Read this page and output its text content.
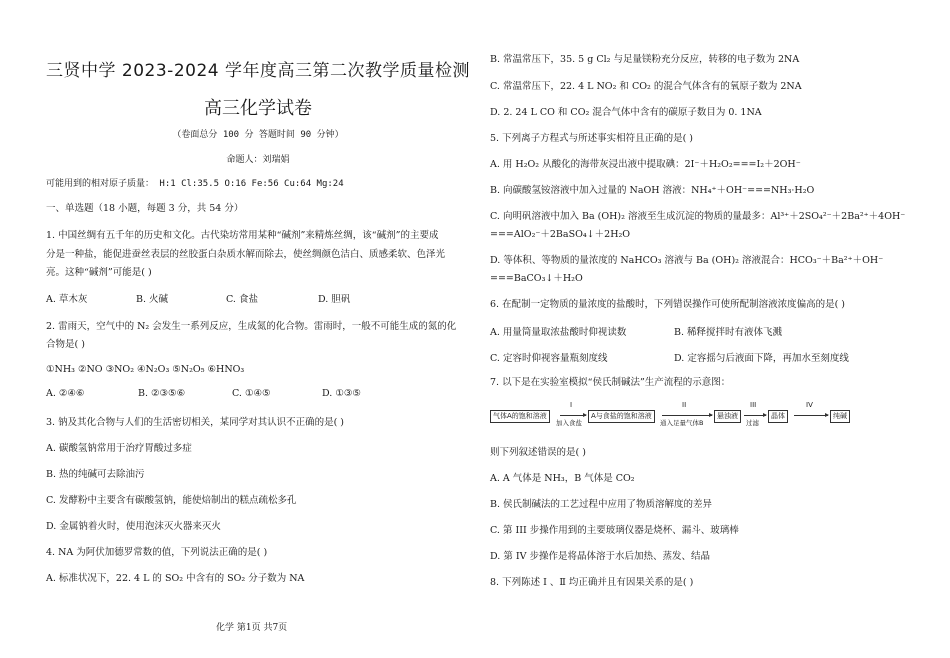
三贤中学 2023-2024 学年度高三第二次教学质量检测
高三化学试卷
（卷面总分 100 分 答题时间 90 分钟）
命题人：刘瑞娟
可能用到的相对原子质量： H:1 Cl:35.5 O:16 Fe:56 Cu:64 Mg:24
一、单选题（18 小题，每题 3 分，共 54 分）
1. 中国丝绸有五千年的历史和文化。古代染坊常用某种“碱剂”来精炼丝绸，该“碱剂”的主要成
分是一种盐，能促进蚕丝表层的丝胶蛋白杂质水解而除去，使丝绸颜色洁白、质感柔软、色泽光
亮。这种“碱剂”可能是( )
A. 草木灰	B. 火碱	C. 食盐	D. 胆矾
2. 雷雨天，空气中的 N₂ 会发生一系列反应，生成氮的化合物。雷雨时，一般不可能生成的氮的化
合物是( )
①NH₃ ②NO ③NO₂ ④N₂O₃ ⑤N₂O₅ ⑥HNO₃
A. ②④⑥	B. ②③⑤⑥	C. ①④⑤	D. ①③⑤
3. 钠及其化合物与人们的生活密切相关，某同学对其认识不正确的是( )
A. 碳酸氢钠常用于治疗胃酸过多症
B. 热的纯碱可去除油污
C. 发酵粉中主要含有碳酸氢钠，能使焙制出的糕点疏松多孔
D. 金属钠着火时，使用泡沫灭火器来灭火
4. NA 为阿伏加德罗常数的值，下列说法正确的是( )
A. 标准状况下，22. 4 L 的 SO₂ 中含有的 SO₂ 分子数为 NA
化学 第1页 共7页
B. 常温常压下，35. 5 g Cl₂ 与足量镁粉充分反应，转移的电子数为 2NA
C. 常温常压下，22. 4 L NO₂ 和 CO₂ 的混合气体含有的氧原子数为 2NA
D. 2. 24 L CO 和 CO₂ 混合气体中含有的碳原子数目为 0. 1NA
5. 下列离子方程式与所述事实相符且正确的是( )
A. 用 H₂O₂ 从酸化的海带灰浸出液中提取碘：2I⁻＋H₂O₂===I₂＋2OH⁻
B. 向碳酸氢铵溶液中加入过量的 NaOH 溶液：NH₄⁺＋OH⁻===NH₃·H₂O
C. 向明矾溶液中加入 Ba (OH)₂ 溶液至生成沉淀的物质的量最多：Al³⁺＋2SO₄²⁻＋2Ba²⁺＋4OH⁻
===AlO₂⁻＋2BaSO₄↓＋2H₂O
D. 等体积、等物质的量浓度的 NaHCO₃ 溶液与 Ba (OH)₂ 溶液混合：HCO₃⁻＋Ba²⁺＋OH⁻
===BaCO₃↓＋H₂O
6. 在配制一定物质的量浓度的盐酸时，下列错误操作可使所配制溶液浓度偏高的是( )
A. 用量筒量取浓盐酸时仰视读数	B. 稀释搅拌时有液体飞溅
C. 定容时仰视容量瓶刻度线	D. 定容摇匀后液面下降，再加水至刻度线
7. 以下是在实验室模拟“侯氏制碱法”生产流程的示意图：
气体A的饱和溶液
I
加入食盐
A与食盐的饱和溶液
II
通入足量气体B
悬浊液
III
过滤
晶体
IV
纯碱
则下列叙述错误的是( )
A. A 气体是 NH₃，B 气体是 CO₂
B. 侯氏制碱法的工艺过程中应用了物质溶解度的差异
C. 第 III 步操作用到的主要玻璃仪器是烧杯、漏斗、玻璃棒
D. 第 IV 步操作是将晶体溶于水后加热、蒸发、结晶
8. 下列陈述 Ⅰ 、Ⅱ 均正确并且有因果关系的是( )
